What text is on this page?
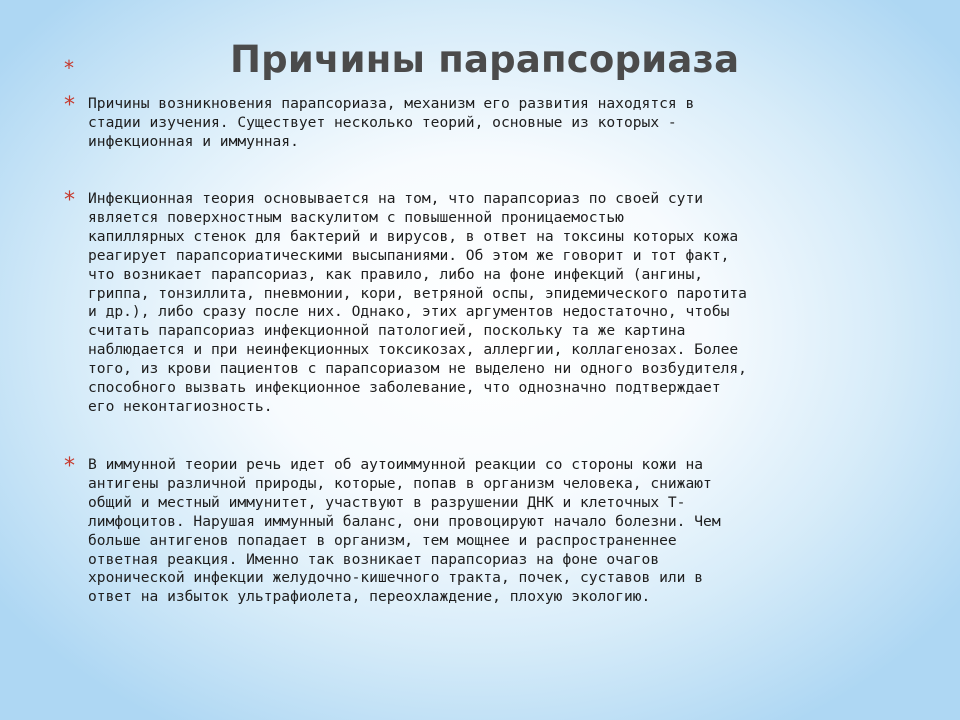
*	Причины парапсориаза
* Причины возникновения парапсориаза, механизм его развития находятся в
стадии изучения. Существует несколько теорий, основные из которых -
инфекционная и иммунная.

* Инфекционная теория основывается на том, что парапсориаз по своей сути
является поверхностным васкулитом с повышенной проницаемостью
капиллярных стенок для бактерий и вирусов, в ответ на токсины которых кожа
реагирует парапсориатическими высыпаниями. Об этом же говорит и тот факт,
что возникает парапсориаз, как правило, либо на фоне инфекций (ангины,
гриппа, тонзиллита, пневмонии, кори, ветряной оспы, эпидемического паротита
и др.), либо сразу после них. Однако, этих аргументов недостаточно, чтобы
считать парапсориаз инфекционной патологией, поскольку та же картина
наблюдается и при неинфекционных токсикозах, аллергии, коллагенозах. Более
того, из крови пациентов с парапсориазом не выделено ни одного возбудителя,
способного вызвать инфекционное заболевание, что однозначно подтверждает
его неконтагиозность.

* В иммунной теории речь идет об аутоиммунной реакции со стороны кожи на
антигены различной природы, которые, попав в организм человека, снижают
общий и местный иммунитет, участвуют в разрушении ДНК и клеточных Т-
лимфоцитов. Нарушая иммунный баланс, они провоцируют начало болезни. Чем
больше антигенов попадает в организм, тем мощнее и распространеннее
ответная реакция. Именно так возникает парапсориаз на фоне очагов
хронической инфекции желудочно-кишечного тракта, почек, суставов или в
ответ на избыток ультрафиолета, переохлаждение, плохую экологию.
